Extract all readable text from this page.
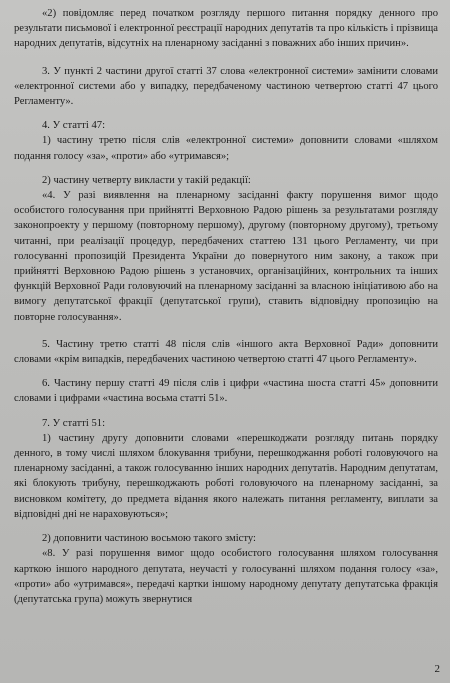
«2) повідомляє перед початком розгляду першого питання порядку денного про результати письмової і електронної реєстрації народних депутатів та про кількість і прізвища народних депутатів, відсутніх на пленарному засіданні з поважних або інших причин».

3. У пункті 2 частини другої статті 37 слова «електронної системи» замінити словами «електронної системи або у випадку, передбаченому частиною четвертою статті 47 цього Регламенту».

4. У статті 47:

1) частину третю після слів «електронної системи» доповнити словами «шляхом подання голосу «за», «проти» або «утримався»;

2) частину четверту викласти у такій редакції:

«4. У разі виявлення на пленарному засіданні факту порушення вимог щодо особистого голосування при прийнятті Верховною Радою рішень за результатами розгляду законопроекту у першому (повторному першому), другому (повторному другому), третьому читанні, при реалізації процедур, передбачених статтею 131 цього Регламенту, чи при голосуванні пропозицій Президента України до повернутого ним закону, а також при прийнятті Верховною Радою рішень з установчих, організаційних, контрольних та інших функцій Верховної Ради головуючий на пленарному засіданні за власною ініціативою або на вимогу депутатської фракції (депутатської групи), ставить відповідну пропозицію на повторне голосування».

5. Частину третю статті 48 після слів «іншого акта Верховної Ради» доповнити словами «крім випадків, передбачених частиною четвертою статті 47 цього Регламенту».

6. Частину першу статті 49 після слів і цифри «частина шоста статті 45» доповнити словами і цифрами «частина восьма статті 51».

7. У статті 51:

1) частину другу доповнити словами «перешкоджати розгляду питань порядку денного, в тому числі шляхом блокування трибуни, перешкоджання роботі головуючого на пленарному засіданні, а також голосуванню інших народних депутатів. Народним депутатам, які блокують трибуну, перешкоджають роботі головуючого на пленарному засіданні, за висновком комітету, до предмета відання якого належать питання регламенту, виплати за відповідні дні не нараховуються»;

2) доповнити частиною восьмою такого змісту:

«8. У разі порушення вимог щодо особистого голосування шляхом голосування карткою іншого народного депутата, неучасті у голосуванні шляхом подання голосу «за», «проти» або «утримався», передачі картки іншому народному депутату депутатська фракція (депутатська група) можуть звернутися

2
